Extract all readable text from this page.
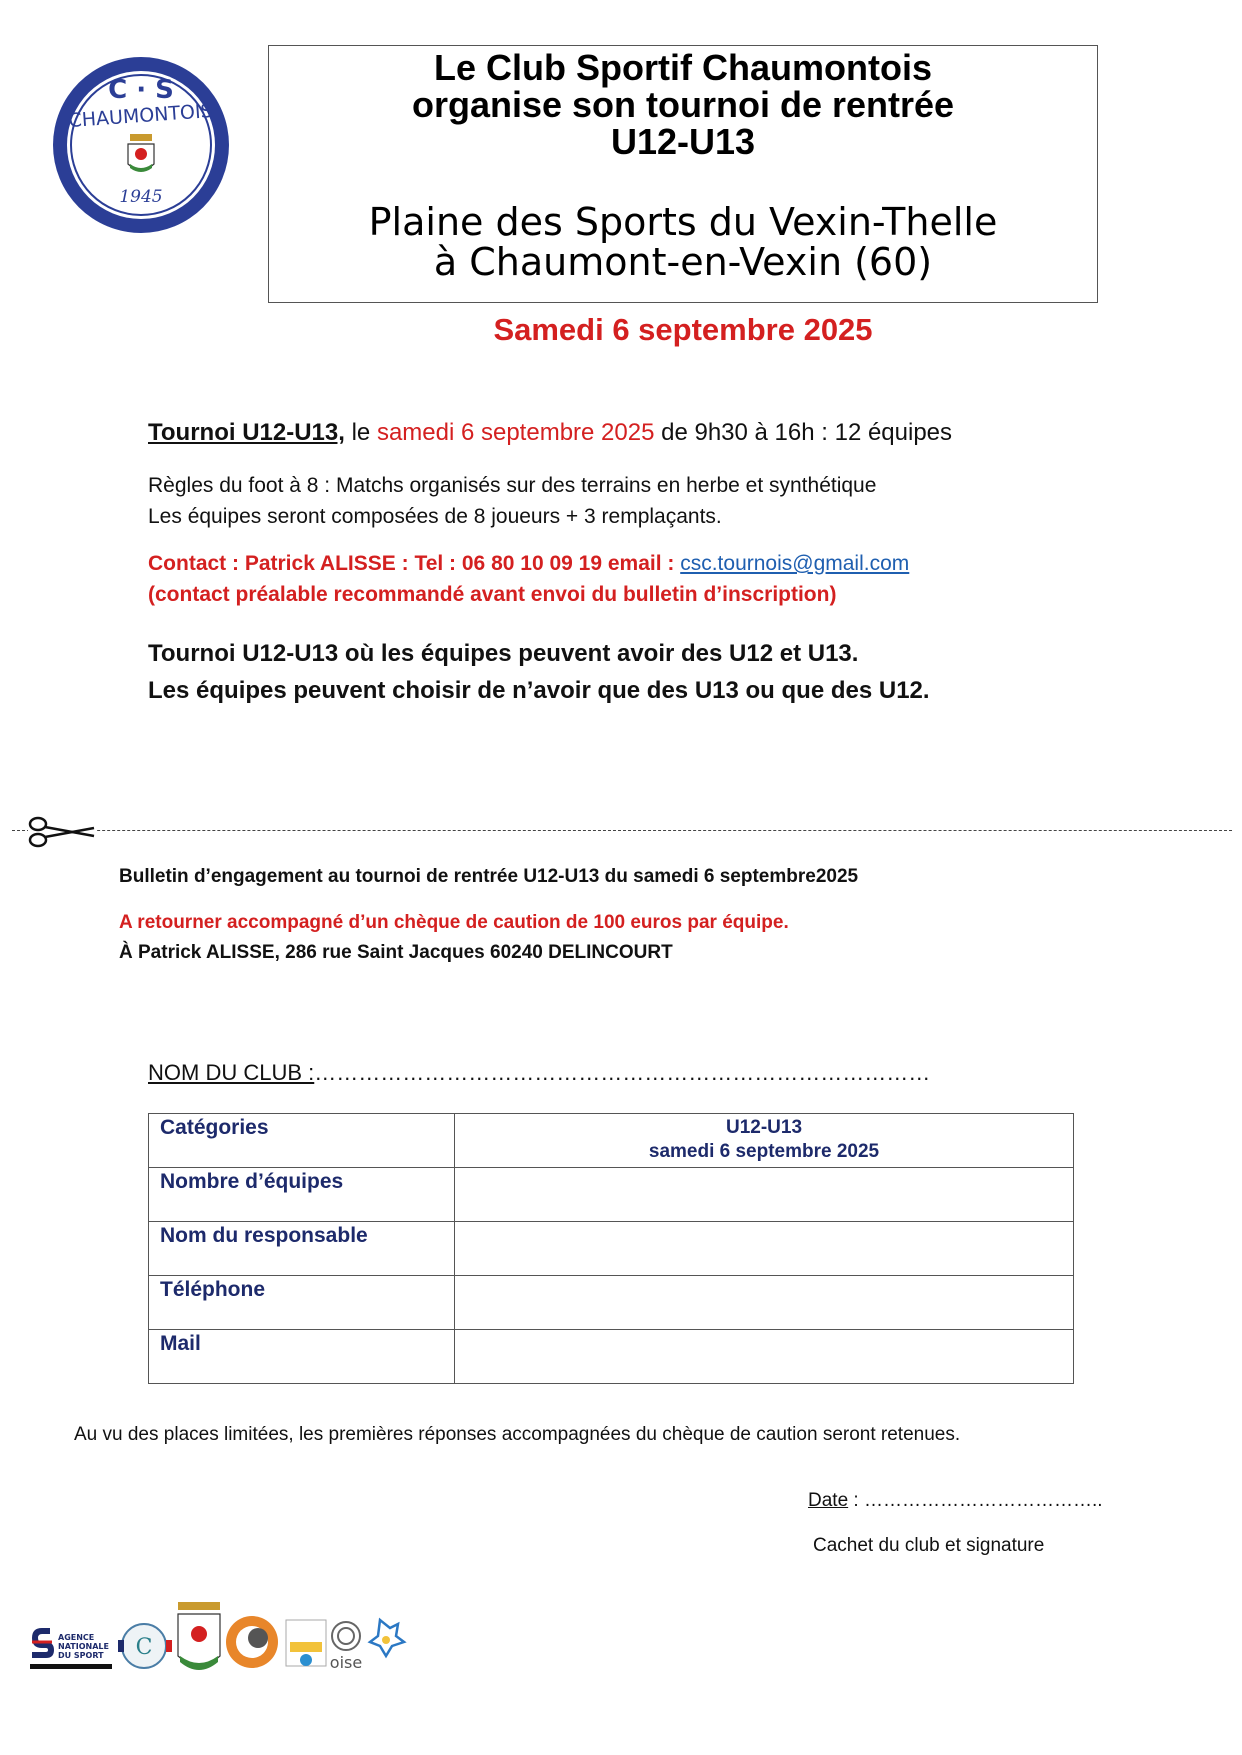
C · S
CHAUMONTOIS
1945
Le Club Sportif Chaumontois
organise son tournoi de rentrée
U12-U13
Plaine des Sports du Vexin-Thelle
à Chaumont-en-Vexin (60)
Samedi 6 septembre 2025
Tournoi U12-U13, le samedi 6 septembre 2025 de 9h30 à 16h : 12 équipes
Règles du foot à 8 : Matchs organisés sur des terrains en herbe et synthétique
Les équipes seront composées de 8 joueurs + 3 remplaçants.
Contact : Patrick ALISSE : Tel : 06 80 10 09 19 email : csc.tournois@gmail.com
(contact préalable recommandé avant envoi du bulletin d’inscription)
Tournoi U12-U13 où les équipes peuvent avoir des U12 et U13.
Les équipes peuvent choisir de n’avoir que des U13 ou que des U12.
Bulletin d’engagement au tournoi de rentrée U12-U13 du samedi 6 septembre2025
A retourner accompagné d’un chèque de caution de 100 euros par équipe.
À Patrick ALISSE, 286 rue Saint Jacques 60240 DELINCOURT
NOM DU CLUB :…………………………………………………………………………
Catégories	U12-U13
samedi 6 septembre 2025

Nombre d’équipes	
Nom du responsable	
Téléphone	
Mail	
Au vu des places limitées, les premières réponses accompagnées du chèque de caution seront retenues.
Date : ………………………………..
Cachet du club et signature
AGENCE
NATIONALE
DU SPORT C
oise
